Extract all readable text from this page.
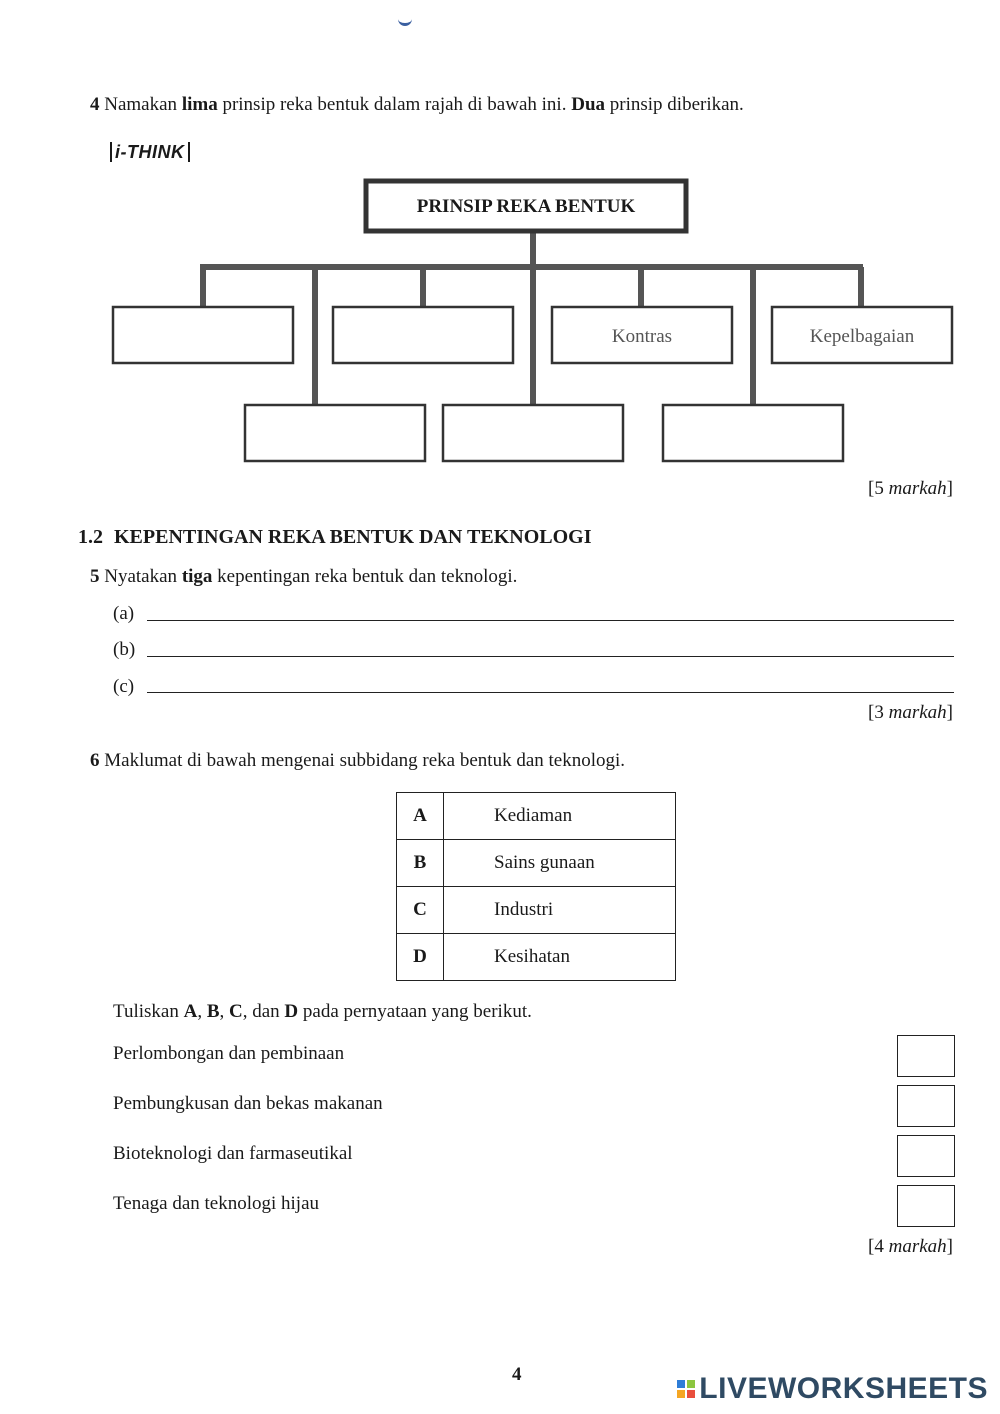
4 Namakan lima prinsip reka bentuk dalam rajah di bawah ini. Dua prinsip diberikan.
i-THINK
PRINSIP REKA BENTUK
Kontras	Kepelbagaian
[5 markah]
1.2 KEPENTINGAN REKA BENTUK DAN TEKNOLOGI
5 Nyatakan tiga kepentingan reka bentuk dan teknologi.
(a)
(b)
(c)
[3 markah]
6 Maklumat di bawah mengenai subbidang reka bentuk dan teknologi.
A	Kediaman
B	Sains gunaan
C	Industri
D	Kesihatan
Tuliskan A, B, C, dan D pada pernyataan yang berikut.
Perlombongan dan pembinaan
Pembungkusan dan bekas makanan
Bioteknologi dan farmaseutikal
Tenaga dan teknologi hijau
[4 markah]
4	LIVEWORKSHEETS
